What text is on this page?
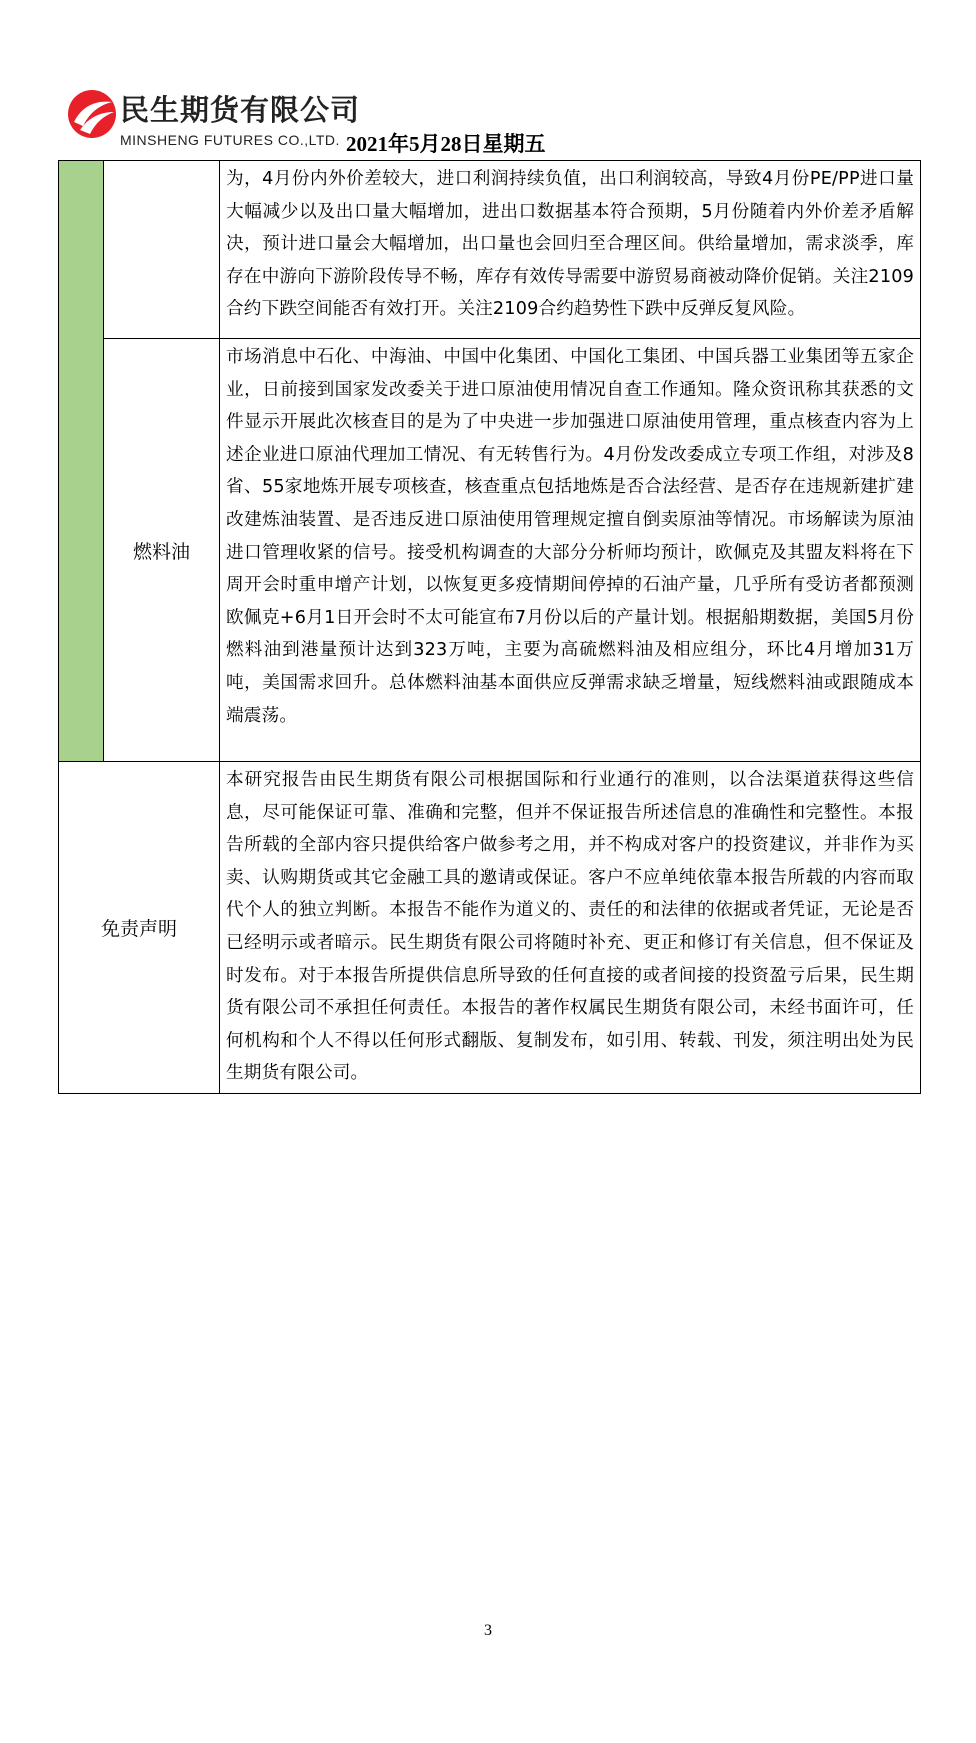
民生期货有限公司
MINSHENG FUTURES CO.,LTD. 2021年5月28日星期五
		为，4月份内外价差较大，进口利润持续负值，出口利润较高，导致4月份PE/PP进口量大幅减少以及出口量大幅增加，进出口数据基本符合预期，5月份随着内外价差矛盾解决，预计进口量会大幅增加，出口量也会回归至合理区间。供给量增加，需求淡季，库存在中游向下游阶段传导不畅，库存有效传导需要中游贸易商被动降价促销。关注2109合约下跌空间能否有效打开。关注2109合约趋势性下跌中反弹反复风险。
	燃料油	市场消息中石化、中海油、中国中化集团、中国化工集团、中国兵器工业集团等五家企业，日前接到国家发改委关于进口原油使用情况自查工作通知。隆众资讯称其获悉的文件显示开展此次核查目的是为了中央进一步加强进口原油使用管理，重点核查内容为上述企业进口原油代理加工情况、有无转售行为。4月份发改委成立专项工作组，对涉及8省、55家地炼开展专项核查，核查重点包括地炼是否合法经营、是否存在违规新建扩建改建炼油装置、是否违反进口原油使用管理规定擅自倒卖原油等情况。市场解读为原油进口管理收紧的信号。接受机构调查的大部分分析师均预计，欧佩克及其盟友料将在下周开会时重申增产计划，以恢复更多疫情期间停掉的石油产量，几乎所有受访者都预测欧佩克+6月1日开会时不太可能宣布7月份以后的产量计划。根据船期数据，美国5月份燃料油到港量预计达到323万吨，主要为高硫燃料油及相应组分，环比4月增加31万吨，美国需求回升。总体燃料油基本面供应反弹需求缺乏增量，短线燃料油或跟随成本端震荡。
免责声明		本研究报告由民生期货有限公司根据国际和行业通行的准则，以合法渠道获得这些信息，尽可能保证可靠、准确和完整，但并不保证报告所述信息的准确性和完整性。本报告所载的全部内容只提供给客户做参考之用，并不构成对客户的投资建议，并非作为买卖、认购期货或其它金融工具的邀请或保证。客户不应单纯依靠本报告所载的内容而取代个人的独立判断。本报告不能作为道义的、责任的和法律的依据或者凭证，无论是否已经明示或者暗示。民生期货有限公司将随时补充、更正和修订有关信息，但不保证及时发布。对于本报告所提供信息所导致的任何直接的或者间接的投资盈亏后果，民生期货有限公司不承担任何责任。本报告的著作权属民生期货有限公司，未经书面许可，任何机构和个人不得以任何形式翻版、复制发布，如引用、转载、刊发，须注明出处为民生期货有限公司。
3
